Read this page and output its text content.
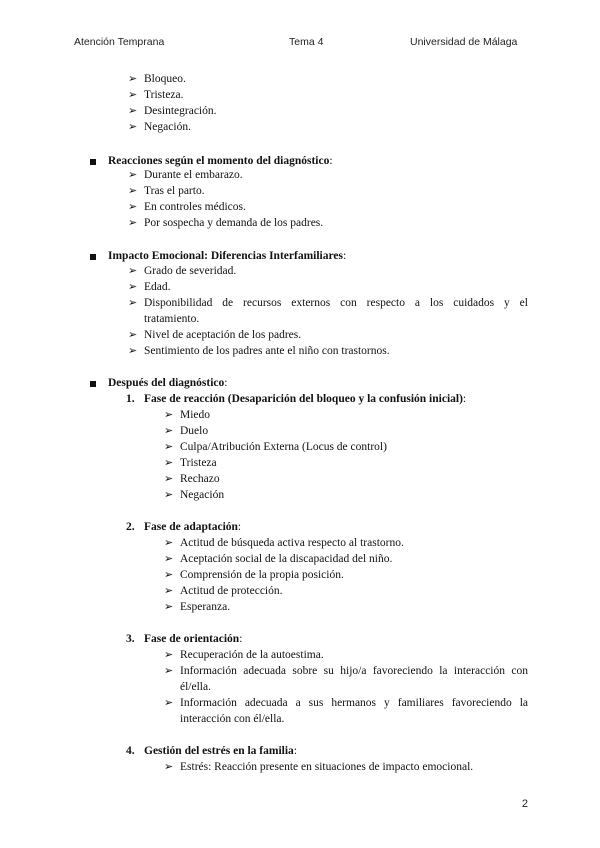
Atención Temprana	Tema 4	Universidad de Málaga
➢ Bloqueo.
➢ Tristeza.
➢ Desintegración.
➢ Negación.
Reacciones según el momento del diagnóstico:
➢ Durante el embarazo.
➢ Tras el parto.
➢ En controles médicos.
➢ Por sospecha y demanda de los padres.
Impacto Emocional: Diferencias Interfamiliares:
➢ Grado de severidad.
➢ Edad.
➢ Disponibilidad de recursos externos con respecto a los cuidados y el
tratamiento.
➢ Nivel de aceptación de los padres.
➢ Sentimiento de los padres ante el niño con trastornos.
Después del diagnóstico:
1. Fase de reacción (Desaparición del bloqueo y la confusión inicial):
➢ Miedo
➢ Duelo
➢ Culpa/Atribución Externa (Locus de control)
➢ Tristeza
➢ Rechazo
➢ Negación
2. Fase de adaptación:
➢ Actitud de búsqueda activa respecto al trastorno.
➢ Aceptación social de la discapacidad del niño.
➢ Comprensión de la propia posición.
➢ Actitud de protección.
➢ Esperanza.
3. Fase de orientación:
➢ Recuperación de la autoestima.
➢ Información adecuada sobre su hijo/a favoreciendo la interacción con
él/ella.
➢ Información adecuada a sus hermanos y familiares favoreciendo la
interacción con él/ella.
4. Gestión del estrés en la familia:
➢ Estrés: Reacción presente en situaciones de impacto emocional.
2
